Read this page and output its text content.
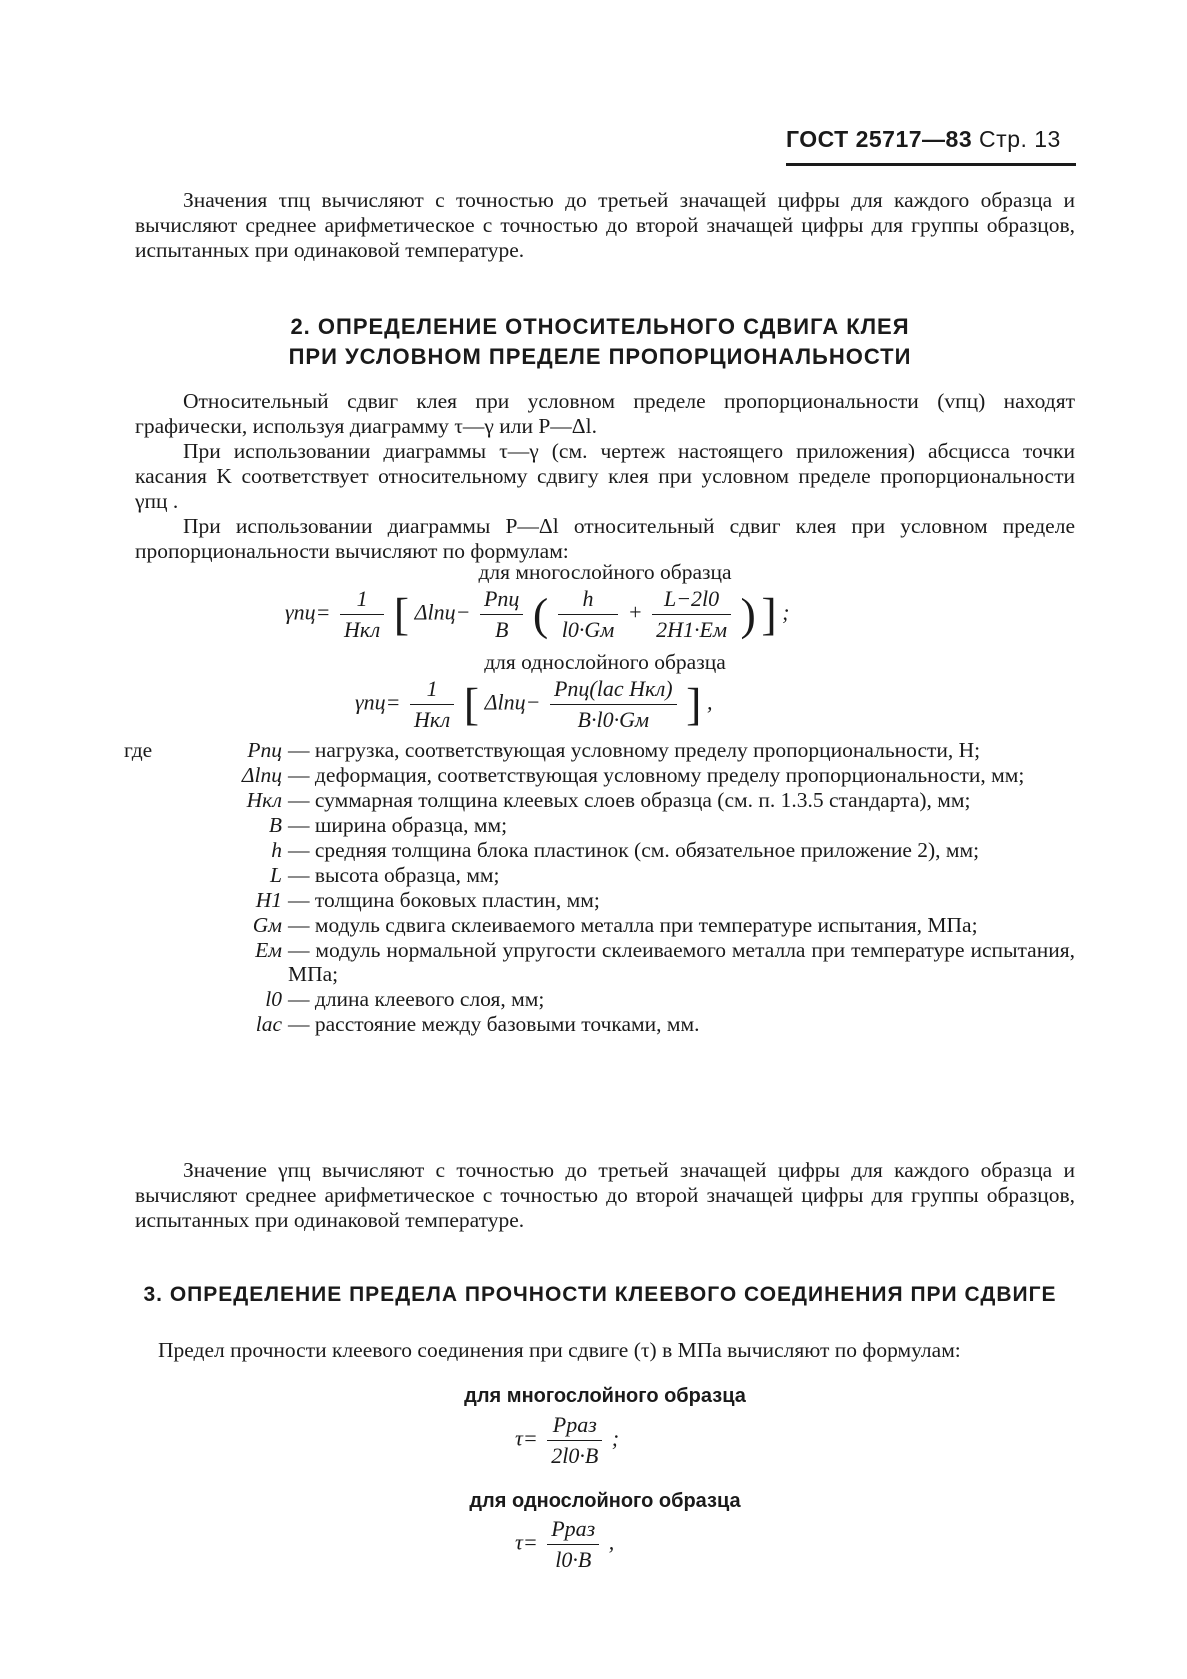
ГОСТ 25717—83 Стр. 13
Значения τпц вычисляют с точностью до третьей значащей цифры для каждого образца и вычисляют среднее арифметическое с точностью до второй значащей цифры для группы образцов, испытанных при одинаковой температуре.
2. ОПРЕДЕЛЕНИЕ ОТНОСИТЕЛЬНОГО СДВИГА КЛЕЯ
ПРИ УСЛОВНОМ ПРЕДЕЛЕ ПРОПОРЦИОНАЛЬНОСТИ
Относительный сдвиг клея при условном пределе пропорциональности (vпц) находят графически, используя диаграмму τ—γ или P—Δl.
При использовании диаграммы τ—γ (см. чертеж настоящего приложения) абсцисса точки касания K соответствует относительному сдвигу клея при условном пределе пропорциональности γпц .
При использовании диаграммы P—Δl относительный сдвиг клея при условном пределе пропорциональности вычисляют по формулам:
для многослойного образца
$\gamma пц= \frac{1}{\text{Hкл}}$ [ $\Delta lпц- \frac{\text{Pпц}}{B}$ ( $\frac{h}{l0\cdot Gм} + \frac{L-2l0}{2H1\cdot Eм}$ ) ] ;
для однослойного образца
$\gamma пц= \frac{1}{\text{Hкл}}$ [ $\Delta lпц- \frac{\text{Pпц(lас Hкл)}}{B\cdot l0\cdot Gм}$ ] ,
где	Pпц — нагрузка, соответствующая условному пределу пропорциональности, Н;
Δlпц — деформация, соответствующая условному пределу пропорциональности, мм;
Hкл — суммарная толщина клеевых слоев образца (см. п. 1.3.5 стандарта), мм;
B — ширина образца, мм;
h — средняя толщина блока пластинок (см. обязательное приложение 2), мм;
L — высота образца, мм;
H1 — толщина боковых пластин, мм;
Gм — модуль сдвига склеиваемого металла при температуре испытания, МПа;
Eм — модуль нормальной упругости склеиваемого металла при температуре испытания, МПа;
l0 — длина клеевого слоя, мм;
lас — расстояние между базовыми точками, мм.
Значение γпц вычисляют с точностью до третьей значащей цифры для каждого образца и вычисляют среднее арифметическое с точностью до второй значащей цифры для группы образцов, испытанных при одинаковой температуре.
3. ОПРЕДЕЛЕНИЕ ПРЕДЕЛА ПРОЧНОСТИ КЛЕЕВОГО СОЕДИНЕНИЯ ПРИ СДВИГЕ
Предел прочности клеевого соединения при сдвиге (τ) в МПа вычисляют по формулам:
для многослойного образца
$\tau= \frac{\text{Pраз}}{2l0\cdot B}$ ;
для однослойного образца
$\tau= \frac{\text{Pраз}}{l0\cdot B}$ ,
